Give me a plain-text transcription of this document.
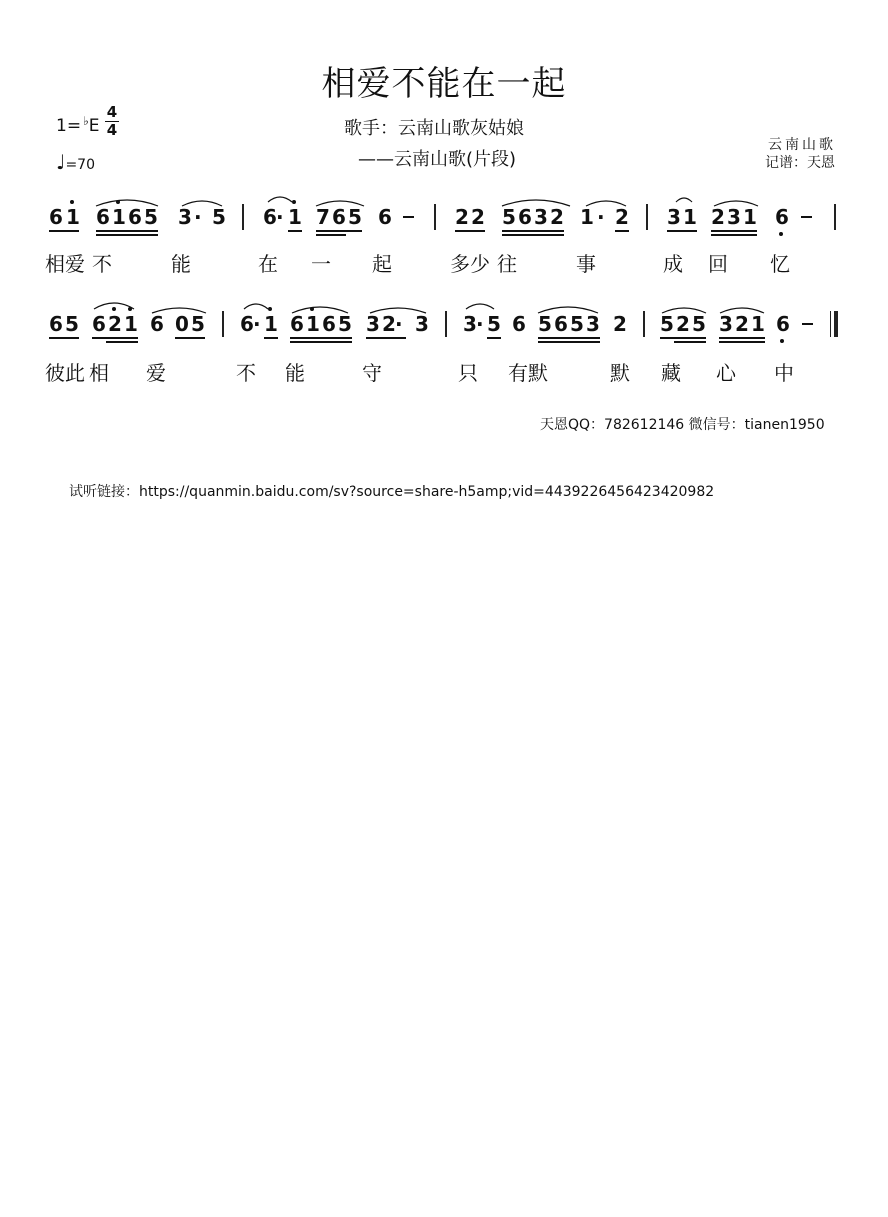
相爱不能在一起
歌手：云南山歌灰姑娘
——云南山歌(片段)
1= ♭E
4
4
♩=70
云南山歌
记谱：天恩
6 1 6 1 6 5 3 · 5 6 · 1 7 6 5 6	2 2 5 6 3 2 1 · 2 3 1 2 3 1 6
相爱 不	能	在 一 起	多少 往	事	成 回 忆
6 5 6 2 1 6 0 5 6 · 1 6 1 6 5 3 2 · 3 3 · 5 6 5 6 5 3 2 5 2 5 3 2 1 6
彼此 相 爱	不 能	守	只 有默	默 藏 心 中
天恩QQ：782612146 微信号：tianen1950
试听链接：https://quanmin.baidu.com/sv?source=share-h5amp;vid=4439226456423420982
